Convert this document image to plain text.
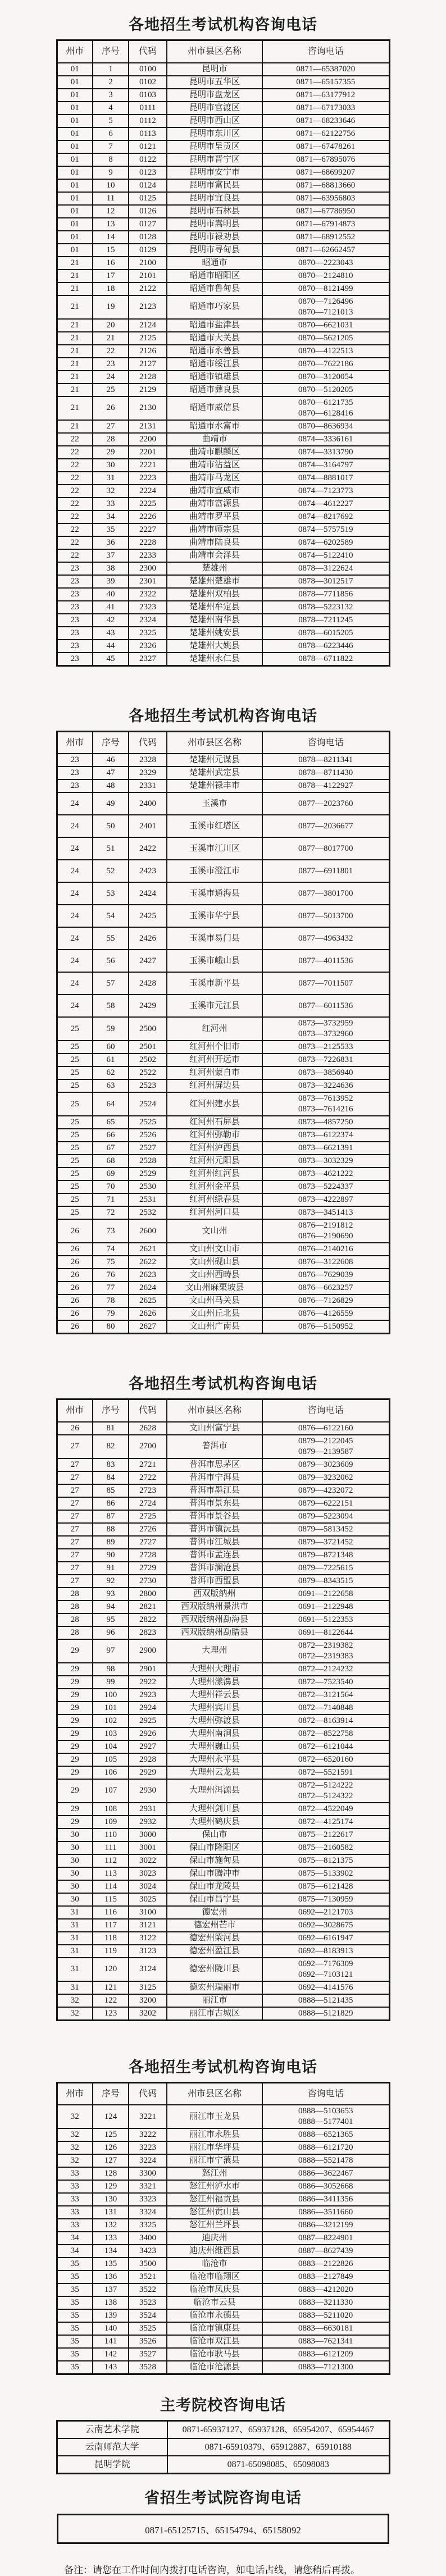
各地招生考试机构咨询电话
州市	序号	代码	州市县区名称	咨询电话
01	1	0100	昆明市	0871—65387020

01	2	0102	昆明市五华区	0871—65157355

01	3	0103	昆明市盘龙区	0871—63177912

01	4	0111	昆明市官渡区	0871—67173033

01	5	0112	昆明市西山区	0871—68233646

01	6	0113	昆明市东川区	0871—62122756

01	7	0121	昆明市呈贡区	0871—67478261

01	8	0122	昆明市晋宁区	0871—67895076

01	9	0123	昆明市安宁市	0871—68699207

01	10	0124	昆明市富民县	0871—68813660

01	11	0125	昆明市宜良县	0871—63956803

01	12	0126	昆明市石林县	0871—67786950

01	13	0127	昆明市嵩明县	0871—67914873

01	14	0128	昆明市禄劝县	0871—68912552

01	15	0129	昆明市寻甸县	0871—62662457

21	16	2100	昭通市	0870—2223043

21	17	2101	昭通市昭阳区	0870—2124810

21	18	2122	昭通市鲁甸县	0870—8121499

21	19	2123	昭通市巧家县	0870—7126496
0870—7121013

21	20	2124	昭通市盐津县	0870—6621031

21	21	2125	昭通市大关县	0870—5621205

21	22	2126	昭通市永善县	0870—4122513

21	23	2127	昭通市绥江县	0870—7622186

21	24	2128	昭通市镇雄县	0870—3120054

21	25	2129	昭通市彝良县	0870—5120205

21	26	2130	昭通市威信县	0870—6121735
0870—6128416

21	27	2131	昭通市水富市	0870—8636934

22	28	2200	曲靖市	0874—3336161

22	29	2201	曲靖市麒麟区	0874—3313790

22	30	2221	曲靖市沾益区	0874—3164797

22	31	2223	曲靖市马龙区	0874—8881017

22	32	2224	曲靖市宣威市	0874—7123773

22	33	2225	曲靖市富源县	0874—4612227

22	34	2226	曲靖市罗平县	0874—8217692

22	35	2227	曲靖市师宗县	0874—5757519

22	36	2228	曲靖市陆良县	0874—6202589

22	37	2233	曲靖市会泽县	0874—5122410

23	38	2300	楚雄州	0878—3122624

23	39	2301	楚雄州楚雄市	0878—3012517

23	40	2322	楚雄州双柏县	0878—7711856

23	41	2323	楚雄州牟定县	0878—5223132

23	42	2324	楚雄州南华县	0878—7211245

23	43	2325	楚雄州姚安县	0878—6015205

23	44	2326	楚雄州大姚县	0878—6223446

23	45	2327	楚雄州永仁县	0878—6711822
各地招生考试机构咨询电话
州市	序号	代码	州市县区名称	咨询电话
23	46	2328	楚雄州元谋县	0878—8211341

23	47	2329	楚雄州武定县	0878—8711430

23	48	2331	楚雄州禄丰市	0878—4122927

24	49	2400	玉溪市	0877—2023760

24	50	2401	玉溪市红塔区	0877—2036677

24	51	2422	玉溪市江川区	0877—8017700

24	52	2423	玉溪市澄江市	0877—6911801

24	53	2424	玉溪市通海县	0877—3801700

24	54	2425	玉溪市华宁县	0877—5013700

24	55	2426	玉溪市易门县	0877—4963432

24	56	2427	玉溪市峨山县	0877—4011536

24	57	2428	玉溪市新平县	0877—7011507

24	58	2429	玉溪市元江县	0877—6011536

25	59	2500	红河州	0873—3732959
0873—3732960

25	60	2501	红河州个旧市	0873—2125533

25	61	2502	红河州开远市	0873—7226831

25	62	2522	红河州蒙自市	0873—3856940

25	63	2523	红河州屏边县	0873—3224636

25	64	2524	红河州建水县	0873—7613952
0873—7614216

25	65	2525	红河州石屏县	0873—4857250

25	66	2526	红河州弥勒市	0873—6122374

25	67	2527	红河州泸西县	0873—6621391

25	68	2528	红河州元阳县	0873—3032329

25	69	2529	红河州红河县	0873—4621222

25	70	2530	红河州金平县	0873—5224337

25	71	2531	红河州绿春县	0873—4222897

25	72	2532	红河州河口县	0873—3451413

26	73	2600	文山州	0876—2191812
0876—2190690

26	74	2621	文山州文山市	0876—2140216

26	75	2622	文山州砚山县	0876—3122608

26	76	2623	文山州西畴县	0876—7629039

26	77	2624	文山州麻栗坡县	0876—6623257

26	78	2625	文山州马关县	0876—7126829

26	79	2626	文山州丘北县	0876—4126559

26	80	2627	文山州广南县	0876—5150952
各地招生考试机构咨询电话
州市	序号	代码	州市县区名称	咨询电话
26	81	2628	文山州富宁县	0876—6122160

27	82	2700	普洱市	0879—2122045
0879—2139587

27	83	2721	普洱市思茅区	0879—3023609

27	84	2722	普洱市宁洱县	0879—3232062

27	85	2723	普洱市墨江县	0879—4232072

27	86	2724	普洱市景东县	0879—6222151

27	87	2725	普洱市景谷县	0879—5223094

27	88	2726	普洱市镇沅县	0879—5813452

27	89	2727	普洱市江城县	0879—3721452

27	90	2728	普洱市孟连县	0879—8721348

27	91	2729	普洱市澜沧县	0879—7225615

27	92	2730	普洱市西盟县	0879—8343515

28	93	2800	西双版纳州	0691—2122658

28	94	2821	西双版纳州景洪市	0691—2122948

28	95	2822	西双版纳州勐海县	0691—5122353

28	96	2823	西双版纳州勐腊县	0691—8122644

29	97	2900	大理州	0872—2319382
0872—2319383

29	98	2901	大理州大理市	0872—2124232

29	99	2922	大理州漾濞县	0872—7523540

29	100	2923	大理州祥云县	0872—3121564

29	101	2924	大理州宾川县	0872—7140848

29	102	2925	大理州弥渡县	0872—8163914

29	103	2926	大理州南涧县	0872—8522758

29	104	2927	大理州巍山县	0872—6121044

29	105	2928	大理州永平县	0872—6520160

29	106	2929	大理州云龙县	0872—5521591

29	107	2930	大理州洱源县	0872—5124222
0872—5124322

29	108	2931	大理州剑川县	0872—4522049

29	109	2932	大理州鹤庆县	0872—4125174

30	110	3000	保山市	0875—2122617

30	111	3001	保山市隆阳区	0875—2160582

30	112	3022	保山市施甸县	0875—8121375

30	113	3023	保山市腾冲市	0875—5133902

30	114	3024	保山市龙陵县	0875—6121428

30	115	3025	保山市昌宁县	0875—7130959

31	116	3100	德宏州	0692—2121703

31	117	3121	德宏州芒市	0692—3028675

31	118	3122	德宏州梁河县	0692—6161947

31	119	3123	德宏州盈江县	0692—8183913

31	120	3124	德宏州陇川县	0692—7176309
0692—7103121

31	121	3125	德宏州瑞丽市	0692—4141576

32	122	3200	丽江市	0888—5121435

32	123	3202	丽江市古城区	0888—5121829
各地招生考试机构咨询电话
州市	序号	代码	州市县区名称	咨询电话
32	124	3221	丽江市玉龙县	0888—5103653
0888—5177401

32	125	3222	丽江市永胜县	0888—6521365

32	126	3223	丽江市华坪县	0888—6121720

32	127	3224	丽江市宁蒗县	0888—5521478

33	128	3300	怒江州	0886—3622467

33	129	3321	怒江州泸水市	0886—3052668

33	130	3323	怒江州福贡县	0886—3411356

33	131	3324	怒江州贡山县	0886—3511660

33	132	3325	怒江州兰坪县	0886—3212199

34	133	3400	迪庆州	0887—8224901

34	134	3423	迪庆州维西县	0887—8627439

35	135	3500	临沧市	0883—2122826

35	136	3521	临沧市临翔区	0883—2127849

35	137	3522	临沧市凤庆县	0883—4212020

35	138	3523	临沧市云县	0883—3211330

35	139	3524	临沧市永德县	0883—5211020

35	140	3525	临沧市镇康县	0883—6630181

35	141	3526	临沧市双江县	0883—7621341

35	142	3527	临沧市耿马县	0883—6121209

35	143	3528	临沧市沧源县	0883—7121300
主考院校咨询电话
云南艺术学院	0871-65937127、65937128、65954207、65954467
云南师范大学	0871-65910379、65912887、65910188
昆明学院	0871-65098085、65098083
省招生考试院咨询电话
0871-65125715、65154794、65158092
备注：请您在工作时间内拨打电话咨询，如电话占线，请您稍后再拨。
